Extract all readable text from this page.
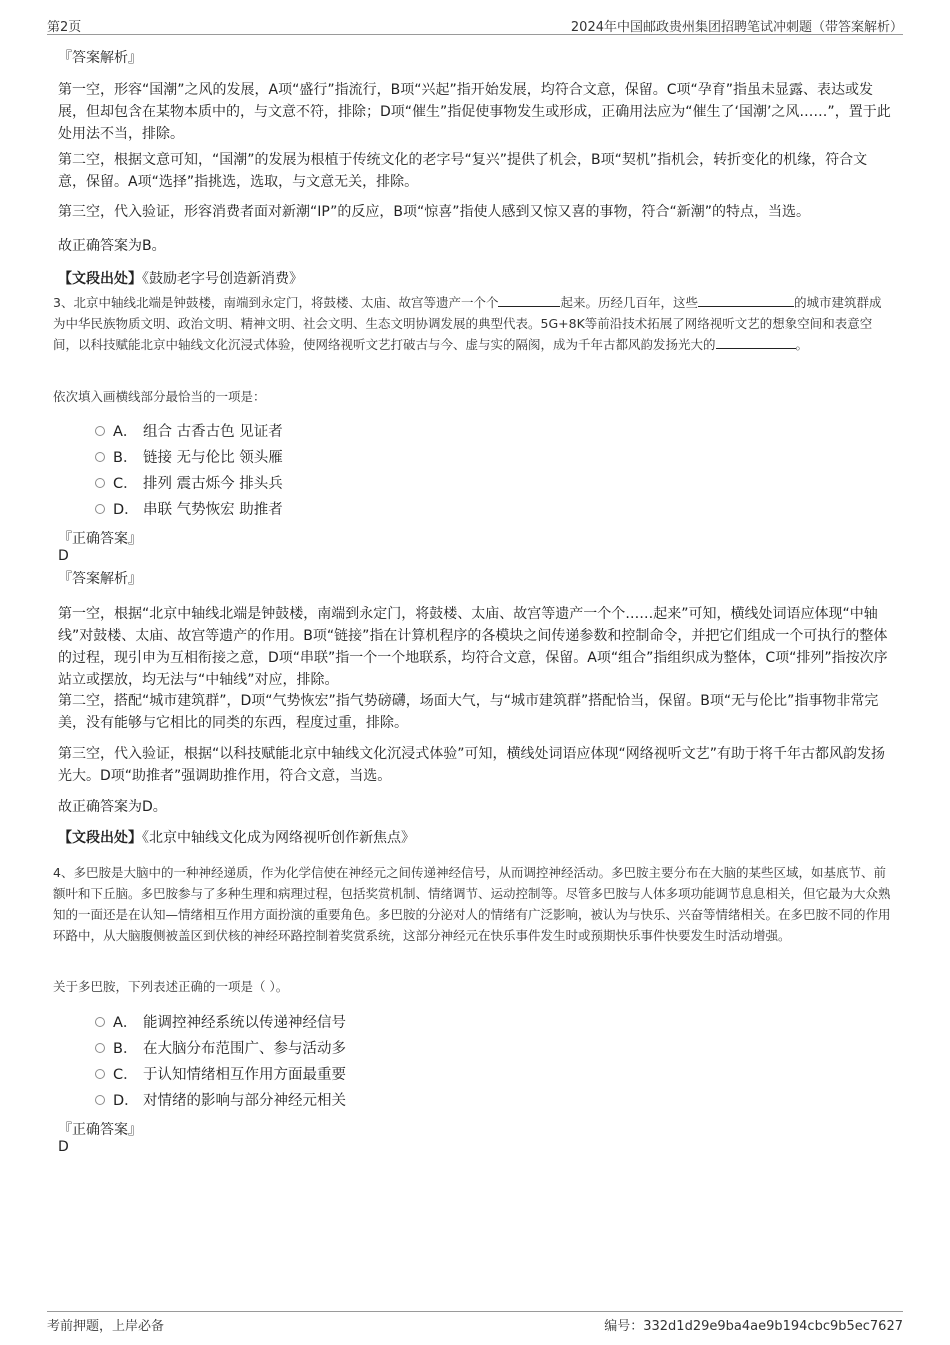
第2页	2024年中国邮政贵州集团招聘笔试冲刺题（带答案解析）
『答案解析』
第一空，形容“国潮”之风的发展，A项“盛行”指流行，B项“兴起”指开始发展，均符合文意，保留。C项“孕育”指虽未显露、表达或发展，但却包含在某物本质中的，与文意不符，排除；D项“催生”指促使事物发生或形成，正确用法应为“催生了‘国潮’之风……”，置于此处用法不当，排除。
第二空，根据文意可知，“国潮”的发展为根植于传统文化的老字号“复兴”提供了机会，B项“契机”指机会，转折变化的机缘，符合文意，保留。A项“选择”指挑选，选取，与文意无关，排除。
第三空，代入验证，形容消费者面对新潮“IP”的反应，B项“惊喜”指使人感到又惊又喜的事物，符合“新潮”的特点，当选。
故正确答案为B。
【文段出处】《鼓励老字号创造新消费》
3、北京中轴线北端是钟鼓楼，南端到永定门，将鼓楼、太庙、故宫等遗产一个个	起来。历经几百年，这些	的城市建筑群成为中华民族物质文明、政治文明、精神文明、社会文明、生态文明协调发展的典型代表。5G+8K等前沿技术拓展了网络视听文艺的想象空间和表意空间，以科技赋能北京中轴线文化沉浸式体验，使网络视听文艺打破古与今、虚与实的隔阂，成为千年古都风韵发扬光大的	。
依次填入画横线部分最恰当的一项是：
A． 组合 古香古色 见证者
B． 链接 无与伦比 领头雁
C． 排列 震古烁今 排头兵
D． 串联 气势恢宏 助推者
『正确答案』
D
『答案解析』
第一空，根据“北京中轴线北端是钟鼓楼，南端到永定门，将鼓楼、太庙、故宫等遗产一个个……起来”可知，横线处词语应体现“中轴线”对鼓楼、太庙、故宫等遗产的作用。B项“链接”指在计算机程序的各模块之间传递参数和控制命令，并把它们组成一个可执行的整体的过程，现引申为互相衔接之意，D项“串联”指一个一个地联系，均符合文意，保留。A项“组合”指组织成为整体，C项“排列”指按次序站立或摆放，均无法与“中轴线”对应，排除。
第二空，搭配“城市建筑群”，D项“气势恢宏”指气势磅礴，场面大气，与“城市建筑群”搭配恰当，保留。B项“无与伦比”指事物非常完美，没有能够与它相比的同类的东西，程度过重，排除。
第三空，代入验证，根据“以科技赋能北京中轴线文化沉浸式体验”可知，横线处词语应体现“网络视听文艺”有助于将千年古都风韵发扬光大。D项“助推者”强调助推作用，符合文意，当选。
故正确答案为D。
【文段出处】《北京中轴线文化成为网络视听创作新焦点》
4、多巴胺是大脑中的一种神经递质，作为化学信使在神经元之间传递神经信号，从而调控神经活动。多巴胺主要分布在大脑的某些区域，如基底节、前额叶和下丘脑。多巴胺参与了多种生理和病理过程，包括奖赏机制、情绪调节、运动控制等。尽管多巴胺与人体多项功能调节息息相关，但它最为大众熟知的一面还是在认知—情绪相互作用方面扮演的重要角色。多巴胺的分泌对人的情绪有广泛影响，被认为与快乐、兴奋等情绪相关。在多巴胺不同的作用环路中，从大脑腹侧被盖区到伏核的神经环路控制着奖赏系统，这部分神经元在快乐事件发生时或预期快乐事件快要发生时活动增强。
关于多巴胺，下列表述正确的一项是（ ）。
A． 能调控神经系统以传递神经信号
B． 在大脑分布范围广、参与活动多
C． 于认知情绪相互作用方面最重要
D． 对情绪的影响与部分神经元相关
『正确答案』
D
考前押题，上岸必备	编号：332d1d29e9ba4ae9b194cbc9b5ec7627
